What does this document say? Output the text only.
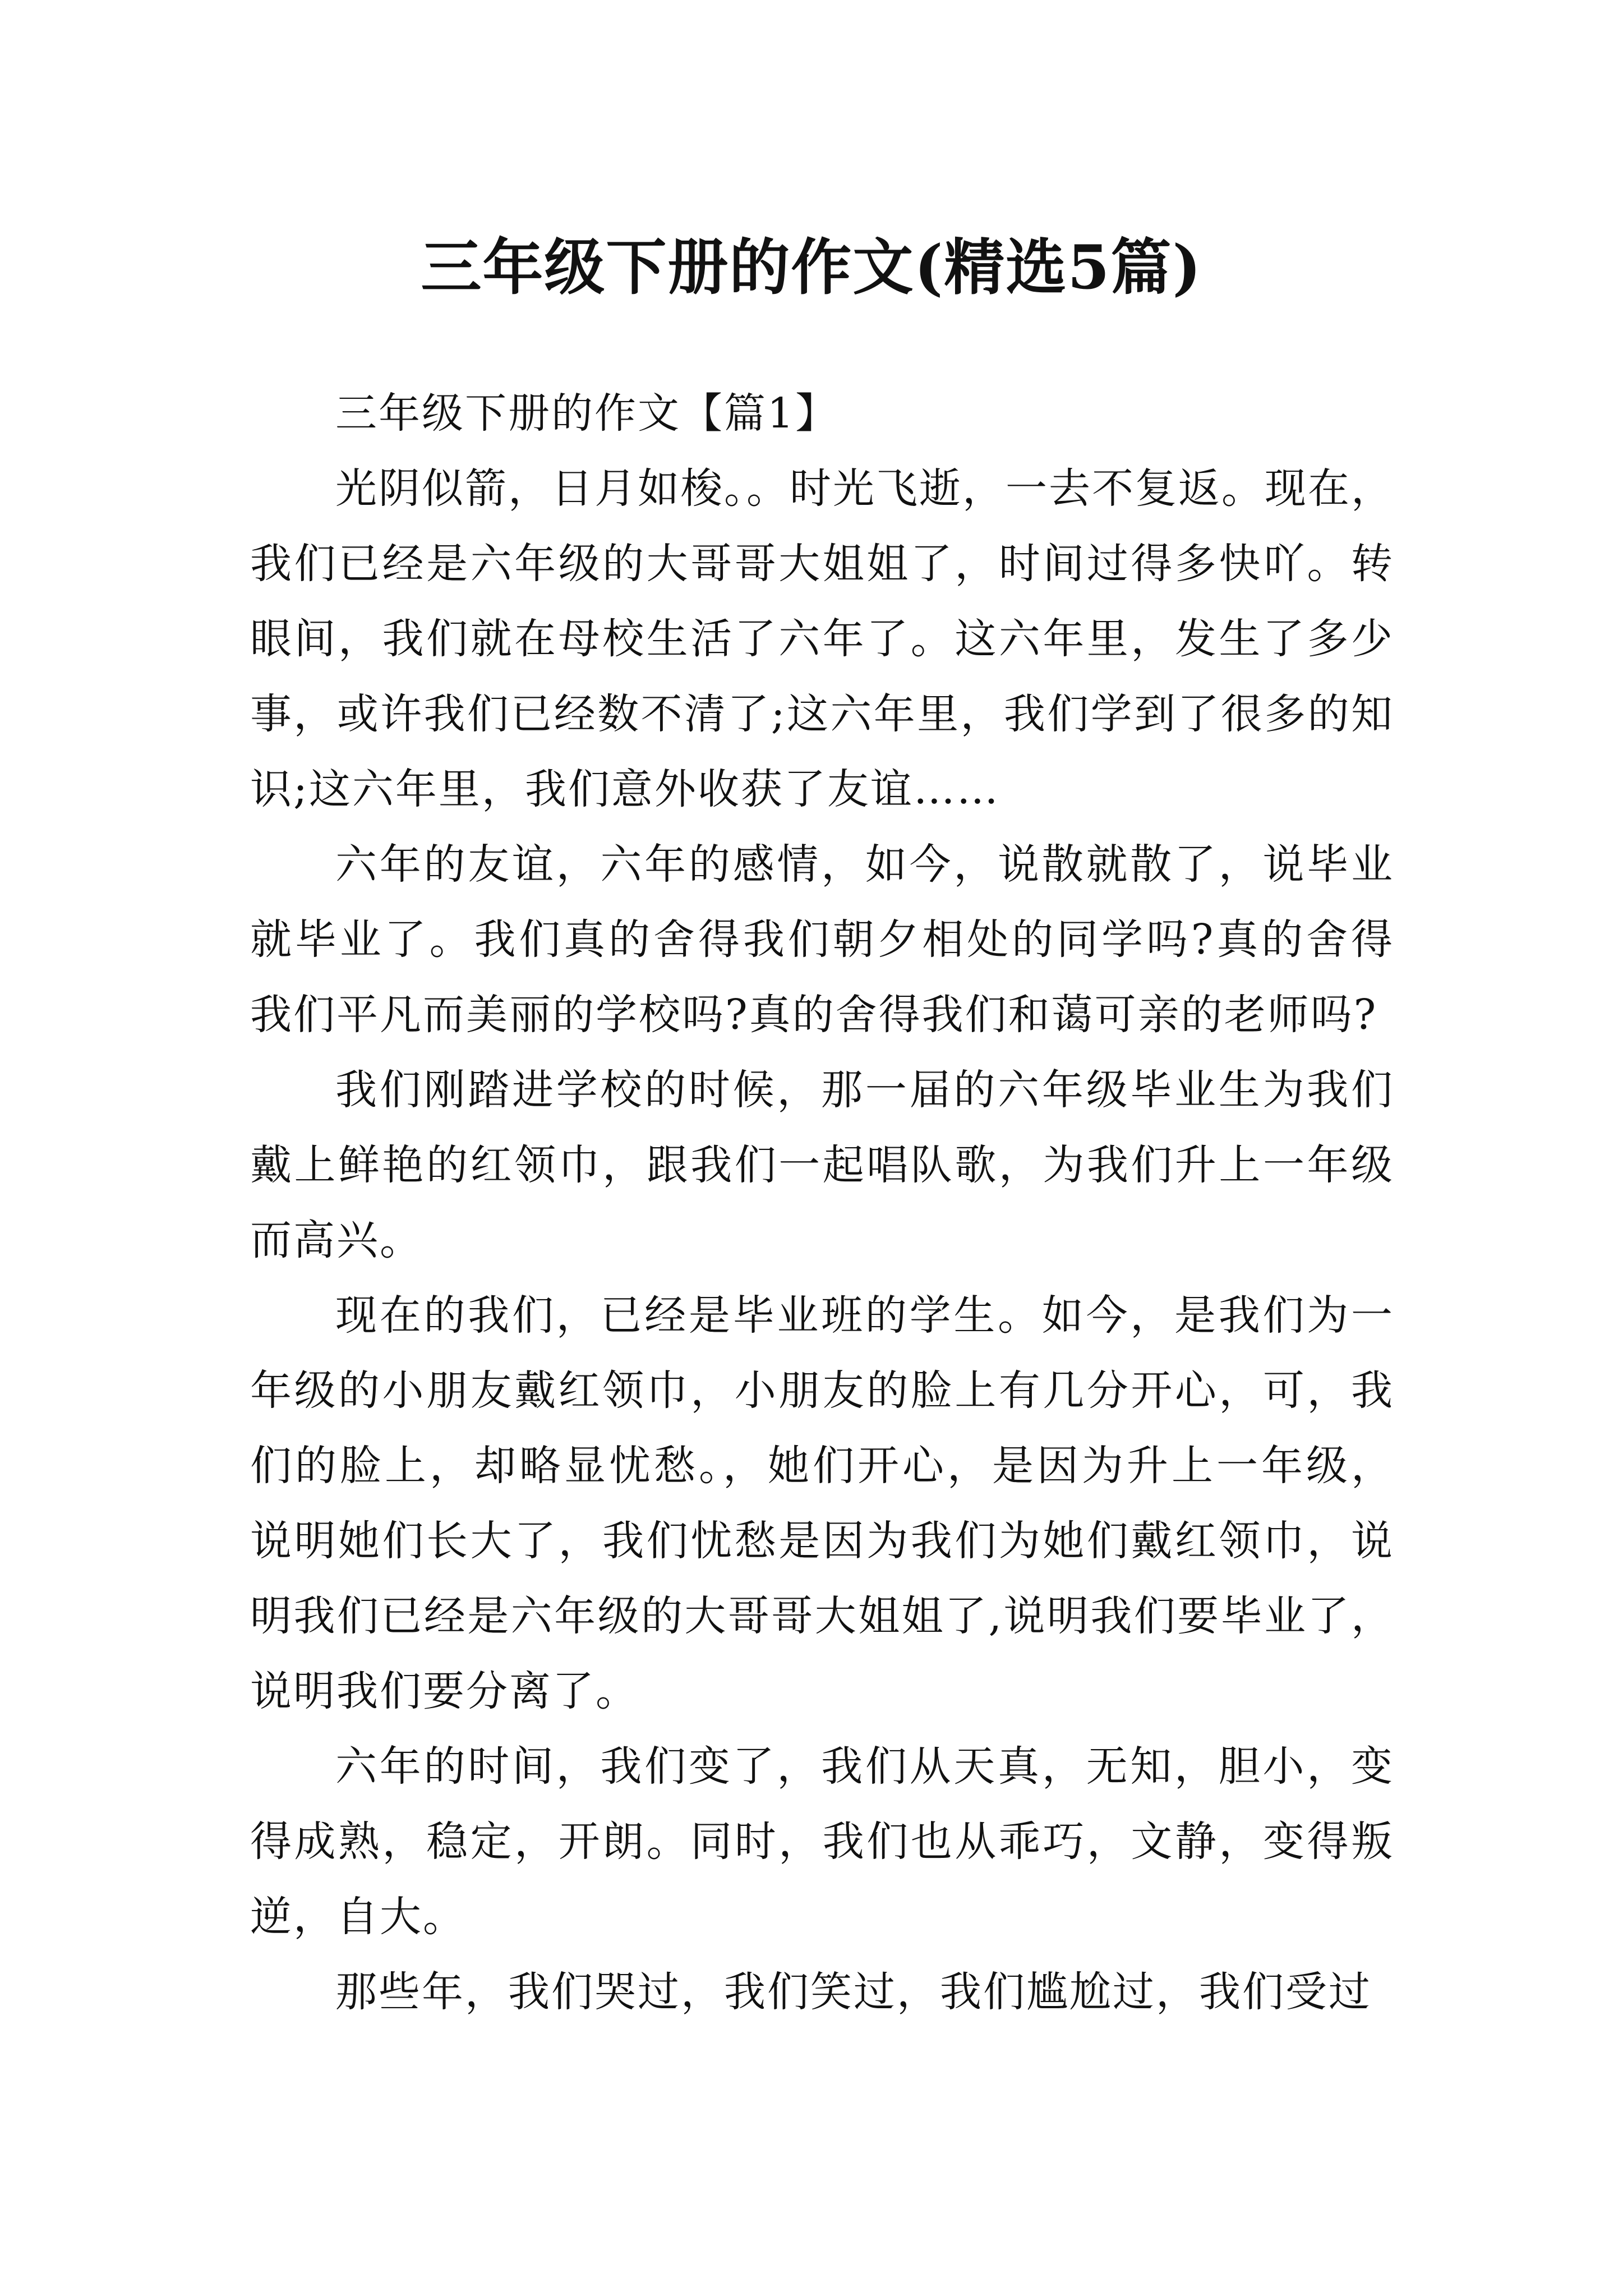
三年级下册的作文(精选5篇)

三年级下册的作文【篇1】

光阴似箭，日月如梭。。时光飞逝，一去不复返。现在，我们已经是六年级的大哥哥大姐姐了，时间过得多快吖。转眼间，我们就在母校生活了六年了。这六年里，发生了多少事，或许我们已经数不清了;这六年里，我们学到了很多的知识;这六年里，我们意外收获了友谊……

六年的友谊，六年的感情，如今，说散就散了，说毕业就毕业了。我们真的舍得我们朝夕相处的同学吗?真的舍得我们平凡而美丽的学校吗?真的舍得我们和蔼可亲的老师吗?

我们刚踏进学校的时候，那一届的六年级毕业生为我们戴上鲜艳的红领巾，跟我们一起唱队歌，为我们升上一年级而高兴。

现在的我们，已经是毕业班的学生。如今，是我们为一年级的小朋友戴红领巾，小朋友的脸上有几分开心，可，我们的脸上，却略显忧愁。，她们开心，是因为升上一年级，说明她们长大了，我们忧愁是因为我们为她们戴红领巾，说明我们已经是六年级的大哥哥大姐姐了,说明我们要毕业了，说明我们要分离了。

六年的时间，我们变了，我们从天真，无知，胆小，变得成熟，稳定，开朗。同时，我们也从乖巧，文静，变得叛逆，自大。

那些年，我们哭过，我们笑过，我们尴尬过，我们受过
